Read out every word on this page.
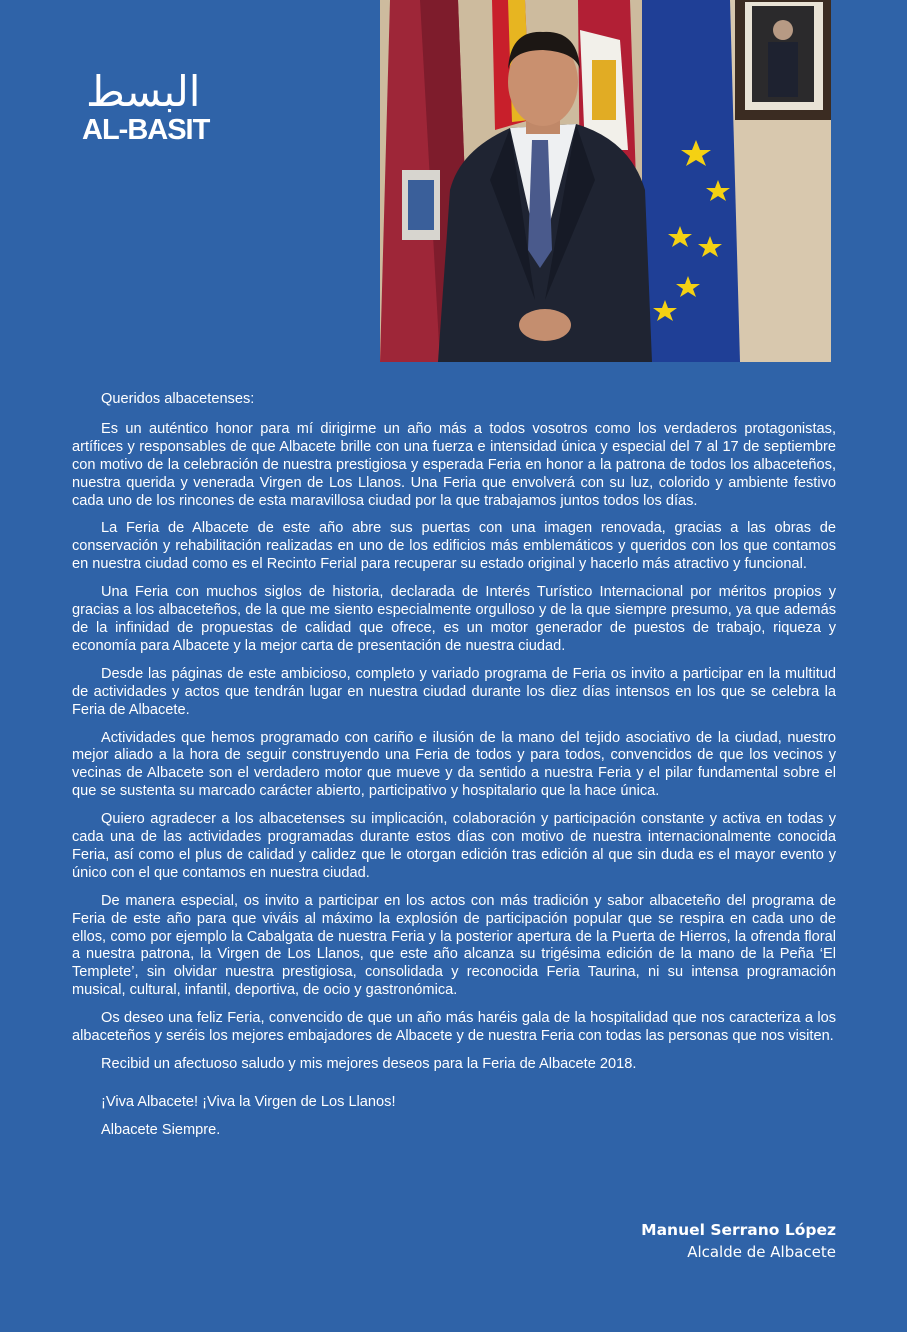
البسط
AL-BASIT

Queridos albacetenses:

Es un auténtico honor para mí dirigirme un año más a todos vosotros como los verdaderos protagonistas, artífices y responsables de que Albacete brille con una fuerza e intensidad única y especial del 7 al 17 de septiembre con motivo de la celebración de nuestra prestigiosa y esperada Feria en honor a la patrona de todos los albaceteños, nuestra querida y venerada Virgen de Los Llanos. Una Feria que envolverá con su luz, colorido y ambiente festivo cada uno de los rincones de esta maravillosa ciudad por la que trabajamos juntos todos los días.

La Feria de Albacete de este año abre sus puertas con una imagen renovada, gracias a las obras de conservación y rehabilitación realizadas en uno de los edificios más emblemáticos y queridos con los que contamos en nuestra ciudad como es el Recinto Ferial para recuperar su estado original y hacerlo más atractivo y funcional.

Una Feria con muchos siglos de historia, declarada de Interés Turístico Internacional por méritos propios y gracias a los albaceteños, de la que me siento especialmente orgulloso y de la que siempre presumo, ya que además de la infinidad de propuestas de calidad que ofrece, es un motor generador de puestos de trabajo, riqueza y economía para Albacete y la mejor carta de presentación de nuestra ciudad.

Desde las páginas de este ambicioso, completo y variado programa de Feria os invito a participar en la multitud de actividades y actos que tendrán lugar en nuestra ciudad durante los diez días intensos en los que se celebra la Feria de Albacete.

Actividades que hemos programado con cariño e ilusión de la mano del tejido asociativo de la ciudad, nuestro mejor aliado a la hora de seguir construyendo una Feria de todos y para todos, convencidos de que los vecinos y vecinas de Albacete son el verdadero motor que mueve y da sentido a nuestra Feria y el pilar fundamental sobre el que se sustenta su marcado carácter abierto, participativo y hospitalario que la hace única.

Quiero agradecer a los albacetenses su implicación, colaboración y participación constante y activa en todas y cada una de las actividades programadas durante estos días con motivo de nuestra internacionalmente conocida Feria, así como el plus de calidad y calidez que le otorgan edición tras edición al que sin duda es el mayor evento y único con el que contamos en nuestra ciudad.

De manera especial, os invito a participar en los actos con más tradición y sabor albaceteño del programa de Feria de este año para que viváis al máximo la explosión de participación popular que se respira en cada uno de ellos, como por ejemplo la Cabalgata de nuestra Feria y la posterior apertura de la Puerta de Hierros, la ofrenda floral a nuestra patrona, la Virgen de Los Llanos, que este año alcanza su trigésima edición de la mano de la Peña ‘El Templete’, sin olvidar nuestra prestigiosa, consolidada y reconocida Feria Taurina, ni su intensa programación musical, cultural, infantil, deportiva, de ocio y gastronómica.

Os deseo una feliz Feria, convencido de que un año más haréis gala de la hospitalidad que nos caracteriza a los albaceteños y seréis los mejores embajadores de Albacete y de nuestra Feria con todas las personas que nos visiten.

Recibid un afectuoso saludo y mis mejores deseos para la Feria de Albacete 2018.

¡Viva Albacete! ¡Viva la Virgen de Los Llanos!

Albacete Siempre.

Manuel Serrano López
Alcalde de Albacete
